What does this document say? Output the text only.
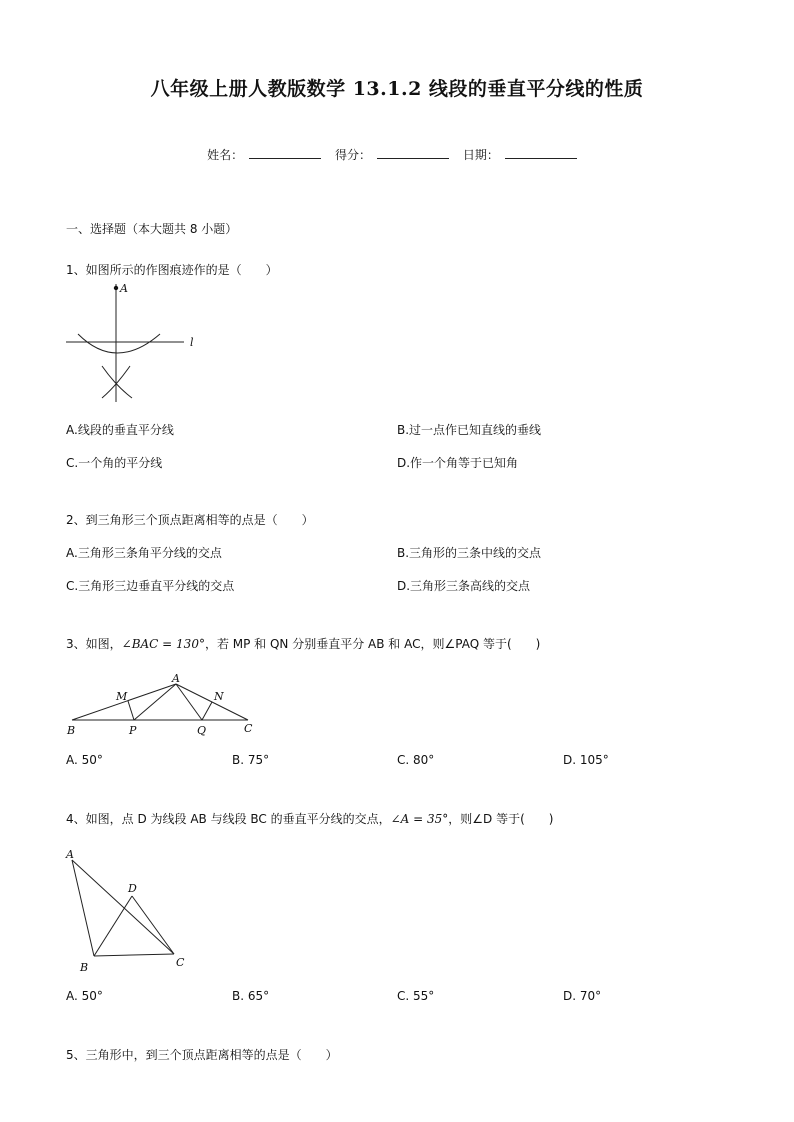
八年级上册人教版数学 13.1.2 线段的垂直平分线的性质
姓名：	得分：	日期：
一、选择题（本大题共 8 小题）
1、如图所示的作图痕迹作的是（　　）
A
l
A.线段的垂直平分线	B.过一点作已知直线的垂线
C.一个角的平分线	D.作一个角等于已知角
2、到三角形三个顶点距离相等的点是（　　）
A.三角形三条角平分线的交点	B.三角形的三条中线的交点
C.三角形三边垂直平分线的交点	D.三角形三条高线的交点
3、如图，∠BAC = 130°，若 MP 和 QN 分别垂直平分 AB 和 AC，则∠PAQ 等于(　　)
M
A
N
B	P	Q	C
A. 50°	B. 75°	C. 80°	D. 105°
4、如图，点 D 为线段 AB 与线段 BC 的垂直平分线的交点，∠A = 35°，则∠D 等于(　　)
A
D
B	C
A. 50°	B. 65°	C. 55°	D. 70°
5、三角形中，到三个顶点距离相等的点是（　　）
